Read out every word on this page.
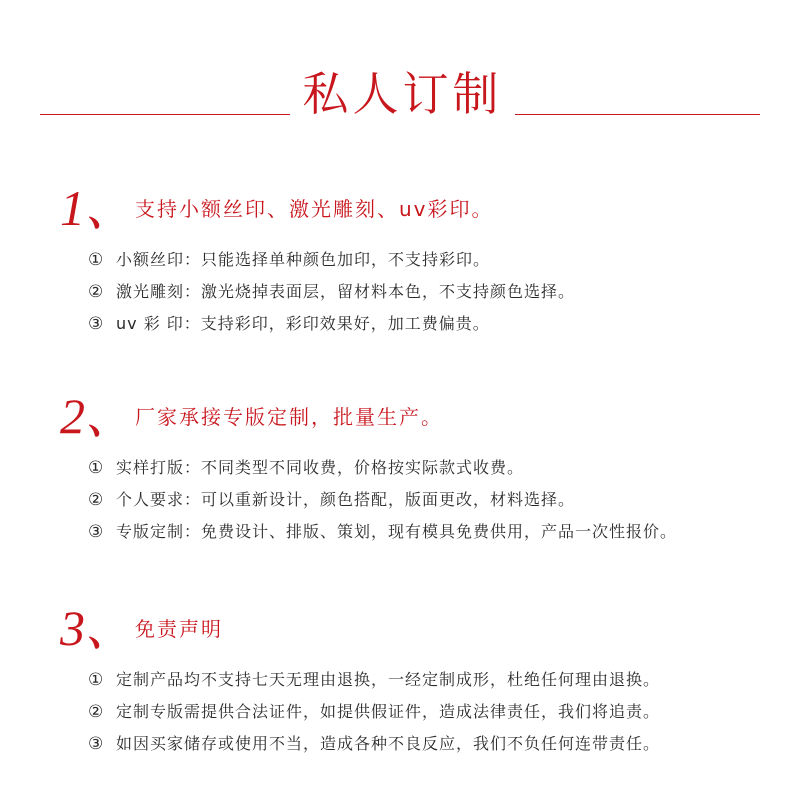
私人订制
1、 支持小额丝印、激光雕刻、uv彩印。
① 小额丝印：只能选择单种颜色加印，不支持彩印。
② 激光雕刻：激光烧掉表面层，留材料本色，不支持颜色选择。
③ uv 彩 印：支持彩印，彩印效果好，加工费偏贵。
2、 厂家承接专版定制，批量生产。
① 实样打版：不同类型不同收费，价格按实际款式收费。
② 个人要求：可以重新设计，颜色搭配，版面更改，材料选择。
③ 专版定制：免费设计、排版、策划，现有模具免费供用，产品一次性报价。
3、 免责声明
① 定制产品均不支持七天无理由退换，一经定制成形，杜绝任何理由退换。
② 定制专版需提供合法证件，如提供假证件，造成法律责任，我们将追责。
③ 如因买家储存或使用不当，造成各种不良反应，我们不负任何连带责任。
